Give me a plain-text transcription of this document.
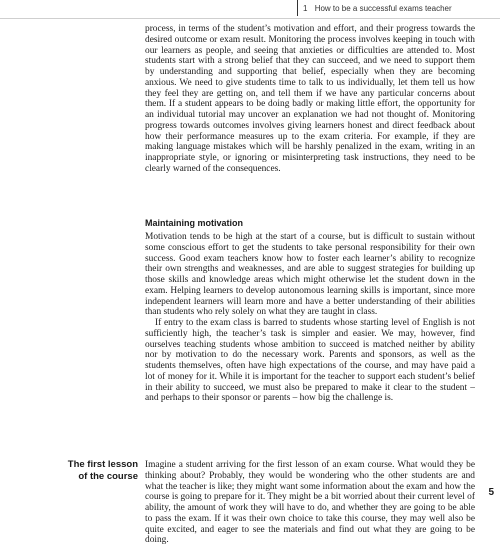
1 How to be a successful exams teacher

process, in terms of the student’s motivation and effort, and their progress towards the desired outcome or exam result. Monitoring the process involves keeping in touch with our learners as people, and seeing that anxieties or difficulties are attended to. Most students start with a strong belief that they can succeed, and we need to support them by understanding and supporting that belief, especially when they are becoming anxious. We need to give students time to talk to us individually, let them tell us how they feel they are getting on, and tell them if we have any particular concerns about them. If a student appears to be doing badly or making little effort, the opportunity for an individual tutorial may uncover an explanation we had not thought of. Monitoring progress towards outcomes involves giving learners honest and direct feedback about how their performance measures up to the exam criteria. For example, if they are making language mistakes which will be harshly penalized in the exam, writing in an inappropriate style, or ignoring or misinterpreting task instructions, they need to be clearly warned of the consequences.

Maintaining motivation

Motivation tends to be high at the start of a course, but is difficult to sustain without some conscious effort to get the students to take personal responsibility for their own success. Good exam teachers know how to foster each learner’s ability to recognize their own strengths and weaknesses, and are able to suggest strategies for building up those skills and knowledge areas which might otherwise let the student down in the exam. Helping learners to develop autonomous learning skills is important, since more independent learners will learn more and have a better understanding of their abilities than students who rely solely on what they are taught in class.

If entry to the exam class is barred to students whose starting level of English is not sufficiently high, the teacher’s task is simpler and easier. We may, however, find ourselves teaching students whose ambition to succeed is matched neither by ability nor by motivation to do the necessary work. Parents and sponsors, as well as the students themselves, often have high expectations of the course, and may have paid a lot of money for it. While it is important for the teacher to support each student’s belief in their ability to succeed, we must also be prepared to make it clear to the student – and perhaps to their sponsor or parents – how big the challenge is.

The first lesson
of the course

Imagine a student arriving for the first lesson of an exam course. What would they be thinking about? Probably, they would be wondering who the other students are and what the teacher is like; they might want some information about the exam and how the course is going to prepare for it. They might be a bit worried about their current level of ability, the amount of work they will have to do, and whether they are going to be able to pass the exam. If it was their own choice to take this course, they may well also be quite excited, and eager to see the materials and find out what they are going to be doing.

5
